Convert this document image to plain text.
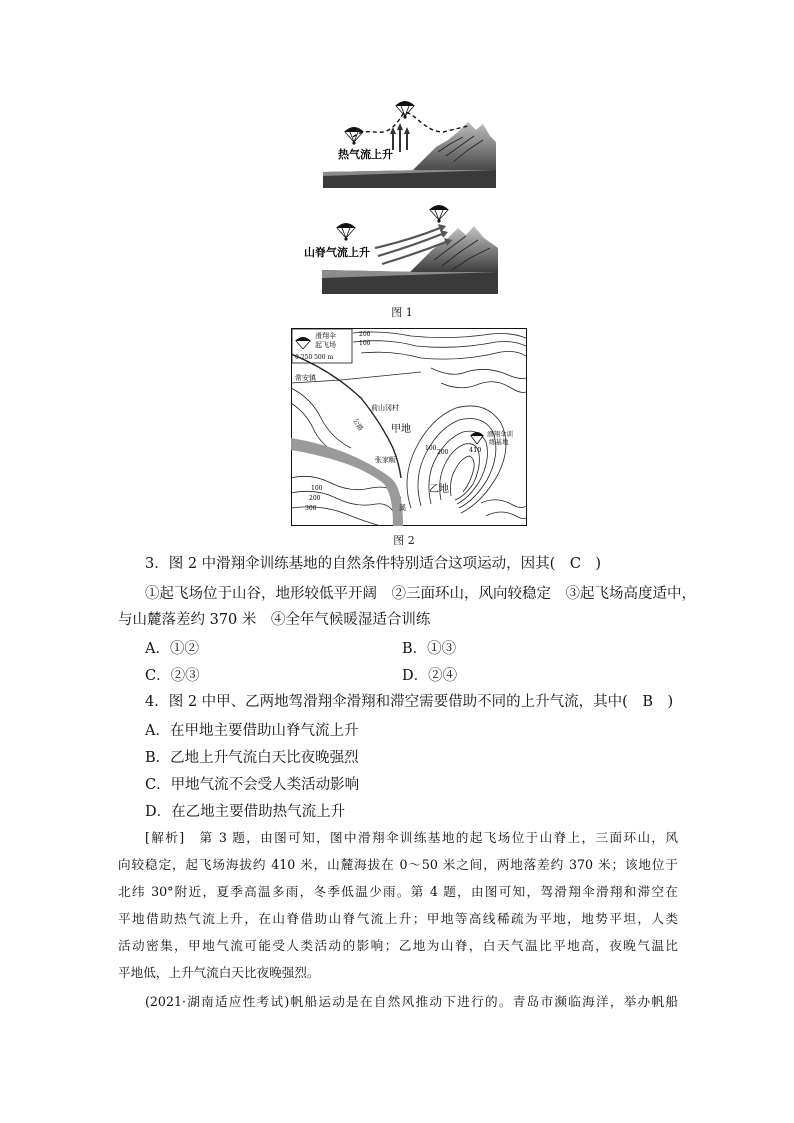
热气流上升
山脊气流上升
图 1
滑翔伞
起飞场
0 250 500 m
200
100
常安镇
前山冈村
公路	甲地
乙地
张家畈
溪
滑翔伞训
练基地
410
100
200
100
200
300
图 2
3．图 2 中滑翔伞训练基地的自然条件特别适合这项运动，因其(　C　)
①起飞场位于山谷，地形较低平开阔　②三面环山，风向较稳定　③起飞场高度适中，
与山麓落差约 370 米　④全年气候暖湿适合训练
A．①②	B．①③
C．②③	D．②④
4．图 2 中甲、乙两地驾滑翔伞滑翔和滞空需要借助不同的上升气流，其中(　B　)
A．在甲地主要借助山脊气流上升
B．乙地上升气流白天比夜晚强烈
C．甲地气流不会受人类活动影响
D．在乙地主要借助热气流上升
[解析]　第 3 题，由图可知，图中滑翔伞训练基地的起飞场位于山脊上，三面环山，风
向较稳定，起飞场海拔约 410 米，山麓海拔在 0～50 米之间，两地落差约 370 米；该地位于
北纬 30°附近，夏季高温多雨，冬季低温少雨。第 4 题，由图可知，驾滑翔伞滑翔和滞空在
平地借助热气流上升，在山脊借助山脊气流上升；甲地等高线稀疏为平地，地势平坦，人类
活动密集，甲地气流可能受人类活动的影响；乙地为山脊，白天气温比平地高，夜晚气温比
平地低，上升气流白天比夜晚强烈。
(2021·湖南适应性考试)帆船运动是在自然风推动下进行的。青岛市濒临海洋，举办帆船
